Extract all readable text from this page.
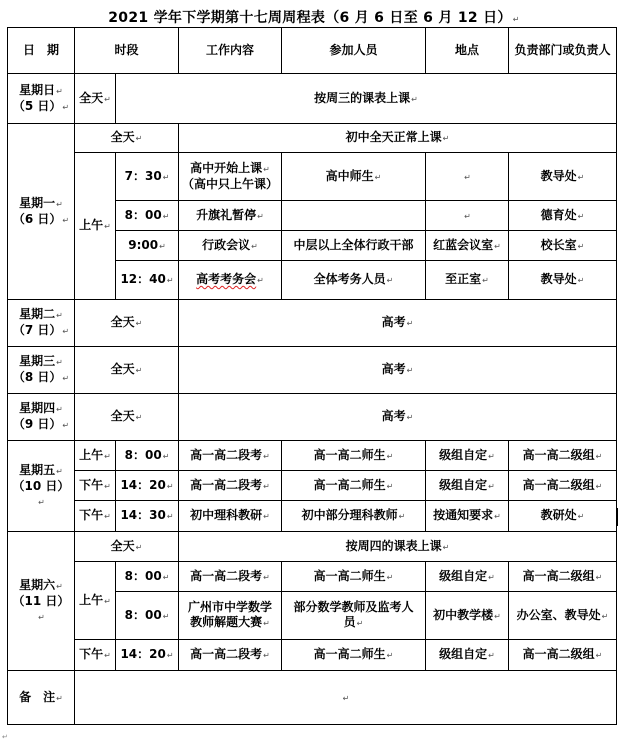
2021 学年下学期第十七周周程表（6 月 6 日至 6 月 12 日）↵
日　期	时段		工作内容	参加人员	地点	负责部门或负责人
星期日↵
（5 日）↵	全天↵	按周三的课表上课↵				
星期一↵
（6 日）↵	全天↵		初中全天正常上课↵			
	上午↵	7：30↵	高中开始上课↵
（高中只上午课）	高中师生↵	↵	教导处↵
		8：00↵	升旗礼暂停↵		↵	德育处↵
		9:00↵	行政会议↵	中层以上全体行政干部	红蓝会议室↵	校长室↵
		12：40↵	高考考务会↵	全体考务人员↵	至正室↵	教导处↵
星期二↵
（7 日）↵	全天↵		高考↵			
星期三↵
（8 日）↵	全天↵		高考↵			
星期四↵
（9 日）↵	全天↵		高考↵			
星期五↵
（10 日）↵	上午↵	8：00↵	高一高二段考↵	高一高二师生↵	级组自定↵	高一高二级组↵
	下午↵	14：20↵	高一高二段考↵	高一高二师生↵	级组自定↵	高一高二级组↵
	下午↵	14：30↵	初中理科教研↵	初中部分理科教师↵	按通知要求↵	教研处↵
星期六↵
（11 日）↵	全天↵		按周四的课表上课↵			
	上午↵	8：00↵	高一高二段考↵	高一高二师生↵	级组自定↵	高一高二级组↵
		8：00↵	广州市中学数学
教师解题大赛↵	部分数学教师及监考人
员↵	初中教学楼↵	办公室、教导处↵
	下午↵	14：20↵	高一高二段考↵	高一高二师生↵	级组自定↵	高一高二级组↵
备　注↵	↵					
↵
